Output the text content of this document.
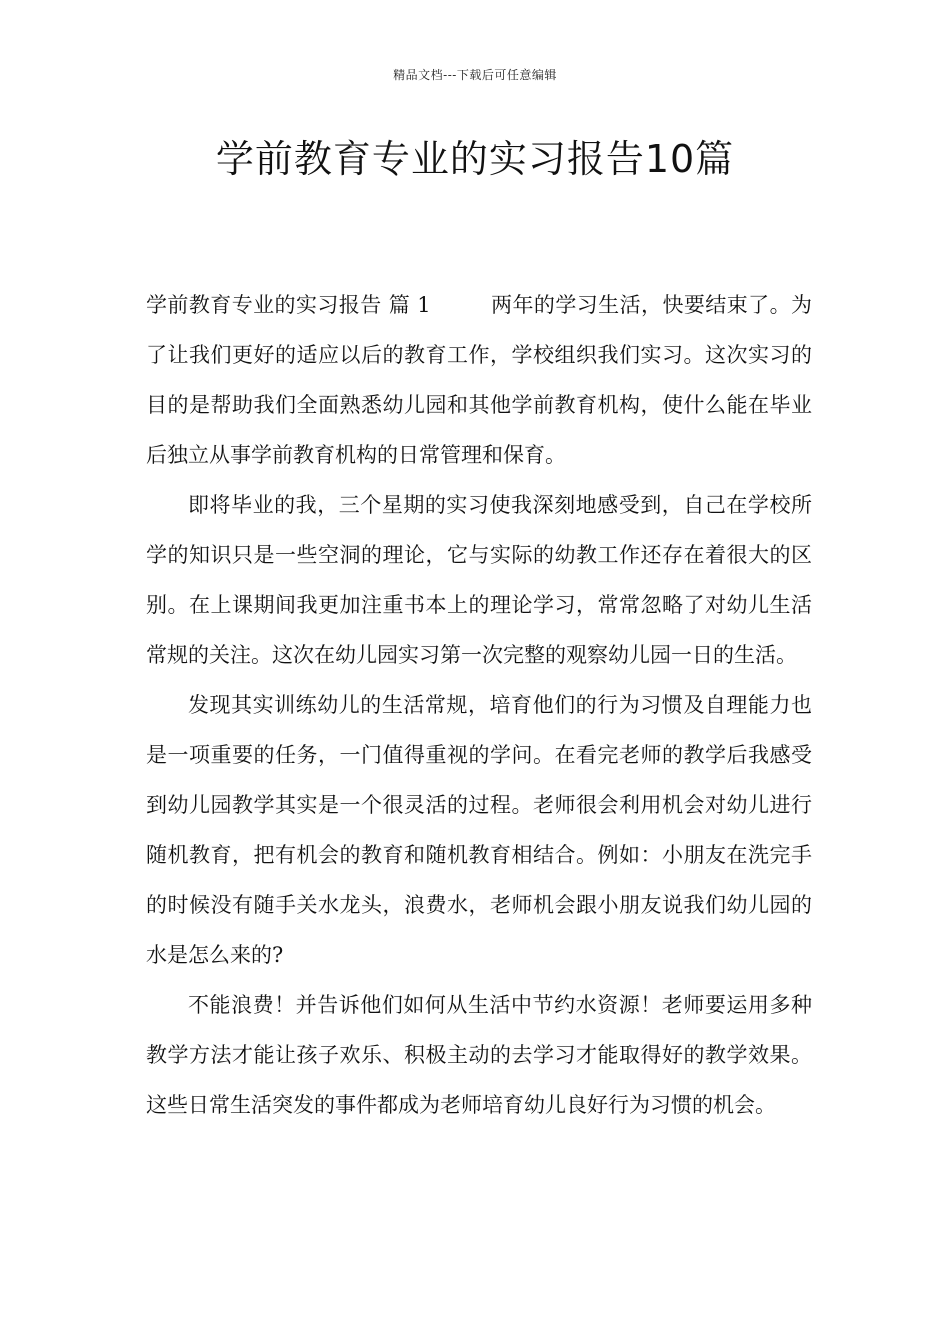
精品文档---下载后可任意编辑
学前教育专业的实习报告10篇

学前教育专业的实习报告 篇 1	两年的学习生活，快要结束了。为了让我们更好的适应以后的教育工作，学校组织我们实习。这次实习的目的是帮助我们全面熟悉幼儿园和其他学前教育机构，使什么能在毕业后独立从事学前教育机构的日常管理和保育。

即将毕业的我，三个星期的实习使我深刻地感受到，自己在学校所学的知识只是一些空洞的理论，它与实际的幼教工作还存在着很大的区别。在上课期间我更加注重书本上的理论学习，常常忽略了对幼儿生活常规的关注。这次在幼儿园实习第一次完整的观察幼儿园一日的生活。

发现其实训练幼儿的生活常规，培育他们的行为习惯及自理能力也是一项重要的任务，一门值得重视的学问。在看完老师的教学后我感受到幼儿园教学其实是一个很灵活的过程。老师很会利用机会对幼儿进行随机教育，把有机会的教育和随机教育相结合。例如：小朋友在洗完手的时候没有随手关水龙头，浪费水，老师机会跟小朋友说我们幼儿园的水是怎么来的?

不能浪费！并告诉他们如何从生活中节约水资源！老师要运用多种教学方法才能让孩子欢乐、积极主动的去学习才能取得好的教学效果。这些日常生活突发的事件都成为老师培育幼儿良好行为习惯的机会。
